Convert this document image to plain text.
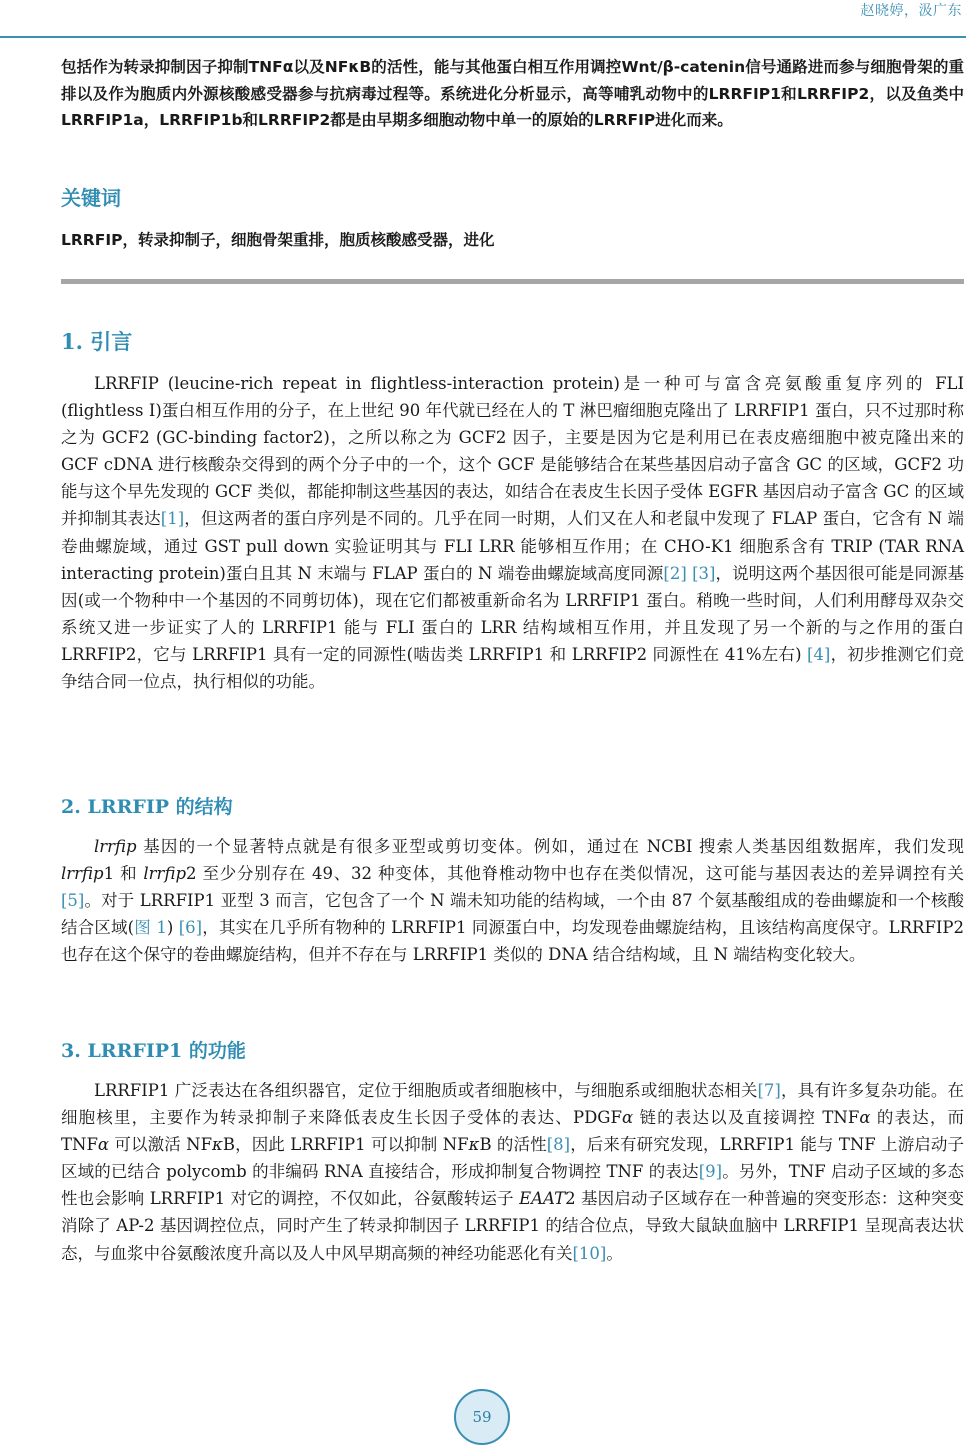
赵晓婷，汲广东

包括作为转录抑制因子抑制TNFα以及NFκB的活性，能与其他蛋白相互作用调控Wnt/β-catenin信号通路进而参与细胞骨架的重排以及作为胞质内外源核酸感受器参与抗病毒过程等。系统进化分析显示，高等哺乳动物中的LRRFIP1和LRRFIP2，以及鱼类中LRRFIP1a，LRRFIP1b和LRRFIP2都是由早期多细胞动物中单一的原始的LRRFIP进化而来。

关键词

LRRFIP，转录抑制子，细胞骨架重排，胞质核酸感受器，进化

1. 引言

LRRFIP (leucine-rich repeat in flightless-interaction protein)是一种可与富含亮氨酸重复序列的 FLI (flightless I)蛋白相互作用的分子，在上世纪 90 年代就已经在人的 T 淋巴瘤细胞克隆出了 LRRFIP1 蛋白，只不过那时称之为 GCF2 (GC-binding factor2)，之所以称之为 GCF2 因子，主要是因为它是利用已在表皮癌细胞中被克隆出来的 GCF cDNA 进行核酸杂交得到的两个分子中的一个，这个 GCF 是能够结合在某些基因启动子富含 GC 的区域，GCF2 功能与这个早先发现的 GCF 类似，都能抑制这些基因的表达，如结合在表皮生长因子受体 EGFR 基因启动子富含 GC 的区域并抑制其表达[1]，但这两者的蛋白序列是不同的。几乎在同一时期，人们又在人和老鼠中发现了 FLAP 蛋白，它含有 N 端卷曲螺旋域，通过 GST pull down 实验证明其与 FLI LRR 能够相互作用；在 CHO-K1 细胞系含有 TRIP (TAR RNA interacting protein)蛋白且其 N 末端与 FLAP 蛋白的 N 端卷曲螺旋域高度同源[2] [3]，说明这两个基因很可能是同源基因(或一个物种中一个基因的不同剪切体)，现在它们都被重新命名为 LRRFIP1 蛋白。稍晚一些时间，人们利用酵母双杂交系统又进一步证实了人的 LRRFIP1 能与 FLI 蛋白的 LRR 结构域相互作用，并且发现了另一个新的与之作用的蛋白 LRRFIP2，它与 LRRFIP1 具有一定的同源性(啮齿类 LRRFIP1 和 LRRFIP2 同源性在 41%左右) [4]，初步推测它们竞争结合同一位点，执行相似的功能。

2. LRRFIP 的结构

lrrfip 基因的一个显著特点就是有很多亚型或剪切变体。例如，通过在 NCBI 搜索人类基因组数据库，我们发现 lrrfip1 和 lrrfip2 至少分别存在 49、32 种变体，其他脊椎动物中也存在类似情况，这可能与基因表达的差异调控有关[5]。对于 LRRFIP1 亚型 3 而言，它包含了一个 N 端未知功能的结构域，一个由 87 个氨基酸组成的卷曲螺旋和一个核酸结合区域(图 1) [6]，其实在几乎所有物种的 LRRFIP1 同源蛋白中，均发现卷曲螺旋结构，且该结构高度保守。LRRFIP2 也存在这个保守的卷曲螺旋结构，但并不存在与 LRRFIP1 类似的 DNA 结合结构域，且 N 端结构变化较大。

3. LRRFIP1 的功能

LRRFIP1 广泛表达在各组织器官，定位于细胞质或者细胞核中，与细胞系或细胞状态相关[7]，具有许多复杂功能。在细胞核里，主要作为转录抑制子来降低表皮生长因子受体的表达、PDGFα 链的表达以及直接调控 TNFα 的表达，而 TNFα 可以激活 NFκB，因此 LRRFIP1 可以抑制 NFκB 的活性[8]，后来有研究发现，LRRFIP1 能与 TNF 上游启动子区域的已结合 polycomb 的非编码 RNA 直接结合，形成抑制复合物调控 TNF 的表达[9]。另外，TNF 启动子区域的多态性也会影响 LRRFIP1 对它的调控，不仅如此，谷氨酸转运子 EAAT2 基因启动子区域存在一种普遍的突变形态：这种突变消除了 AP-2 基因调控位点，同时产生了转录抑制因子 LRRFIP1 的结合位点，导致大鼠缺血脑中 LRRFIP1 呈现高表达状态，与血浆中谷氨酸浓度升高以及人中风早期高频的神经功能恶化有关[10]。

59
